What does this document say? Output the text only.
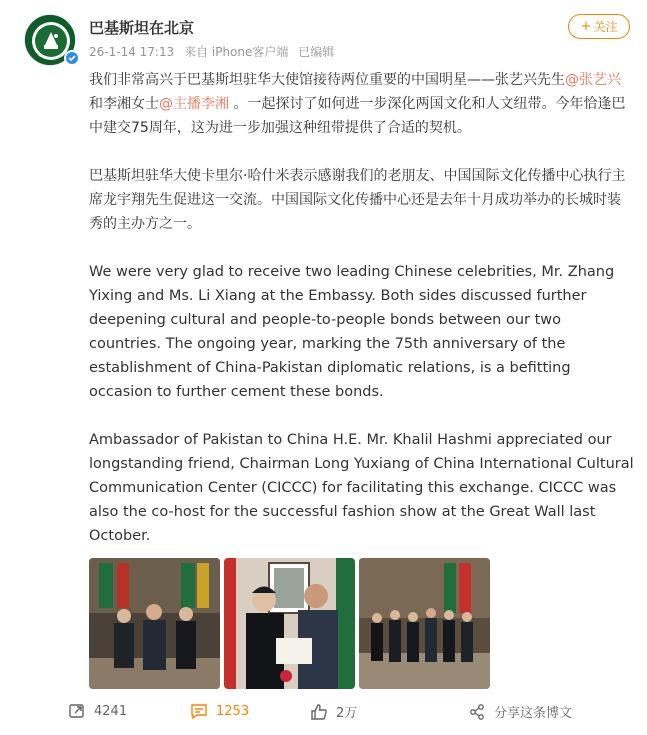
巴基斯坦在北京
26-1-14 17:13 来自 iPhone客户端 已编辑
+ 关注
我们非常高兴于巴基斯坦驻华大使馆接待两位重要的中国明星——张艺兴先生@张艺兴 和李湘女士@主播李湘 。一起探讨了如何进一步深化两国文化和人文纽带。今年恰逢巴中建交75周年，这为进一步加强这种纽带提供了合适的契机。
巴基斯坦驻华大使卡里尔·哈什米表示感谢我们的老朋友、中国国际文化传播中心执行主席龙宇翔先生促进这一交流。中国国际文化传播中心还是去年十月成功举办的长城时装秀的主办方之一。
We were very glad to receive two leading Chinese celebrities, Mr. Zhang Yixing and Ms. Li Xiang at the Embassy. Both sides discussed further deepening cultural and people-to-people bonds between our two countries. The ongoing year, marking the 75th anniversary of the establishment of China-Pakistan diplomatic relations, is a befitting occasion to further cement these bonds.
Ambassador of Pakistan to China H.E. Mr. Khalil Hashmi appreciated our longstanding friend, Chairman Long Yuxiang of China International Cultural Communication Center (CICCC) for facilitating this exchange. CICCC was also the co-host for the successful fashion show at the Great Wall last October.
4241	1253	2万	分享这条博文
